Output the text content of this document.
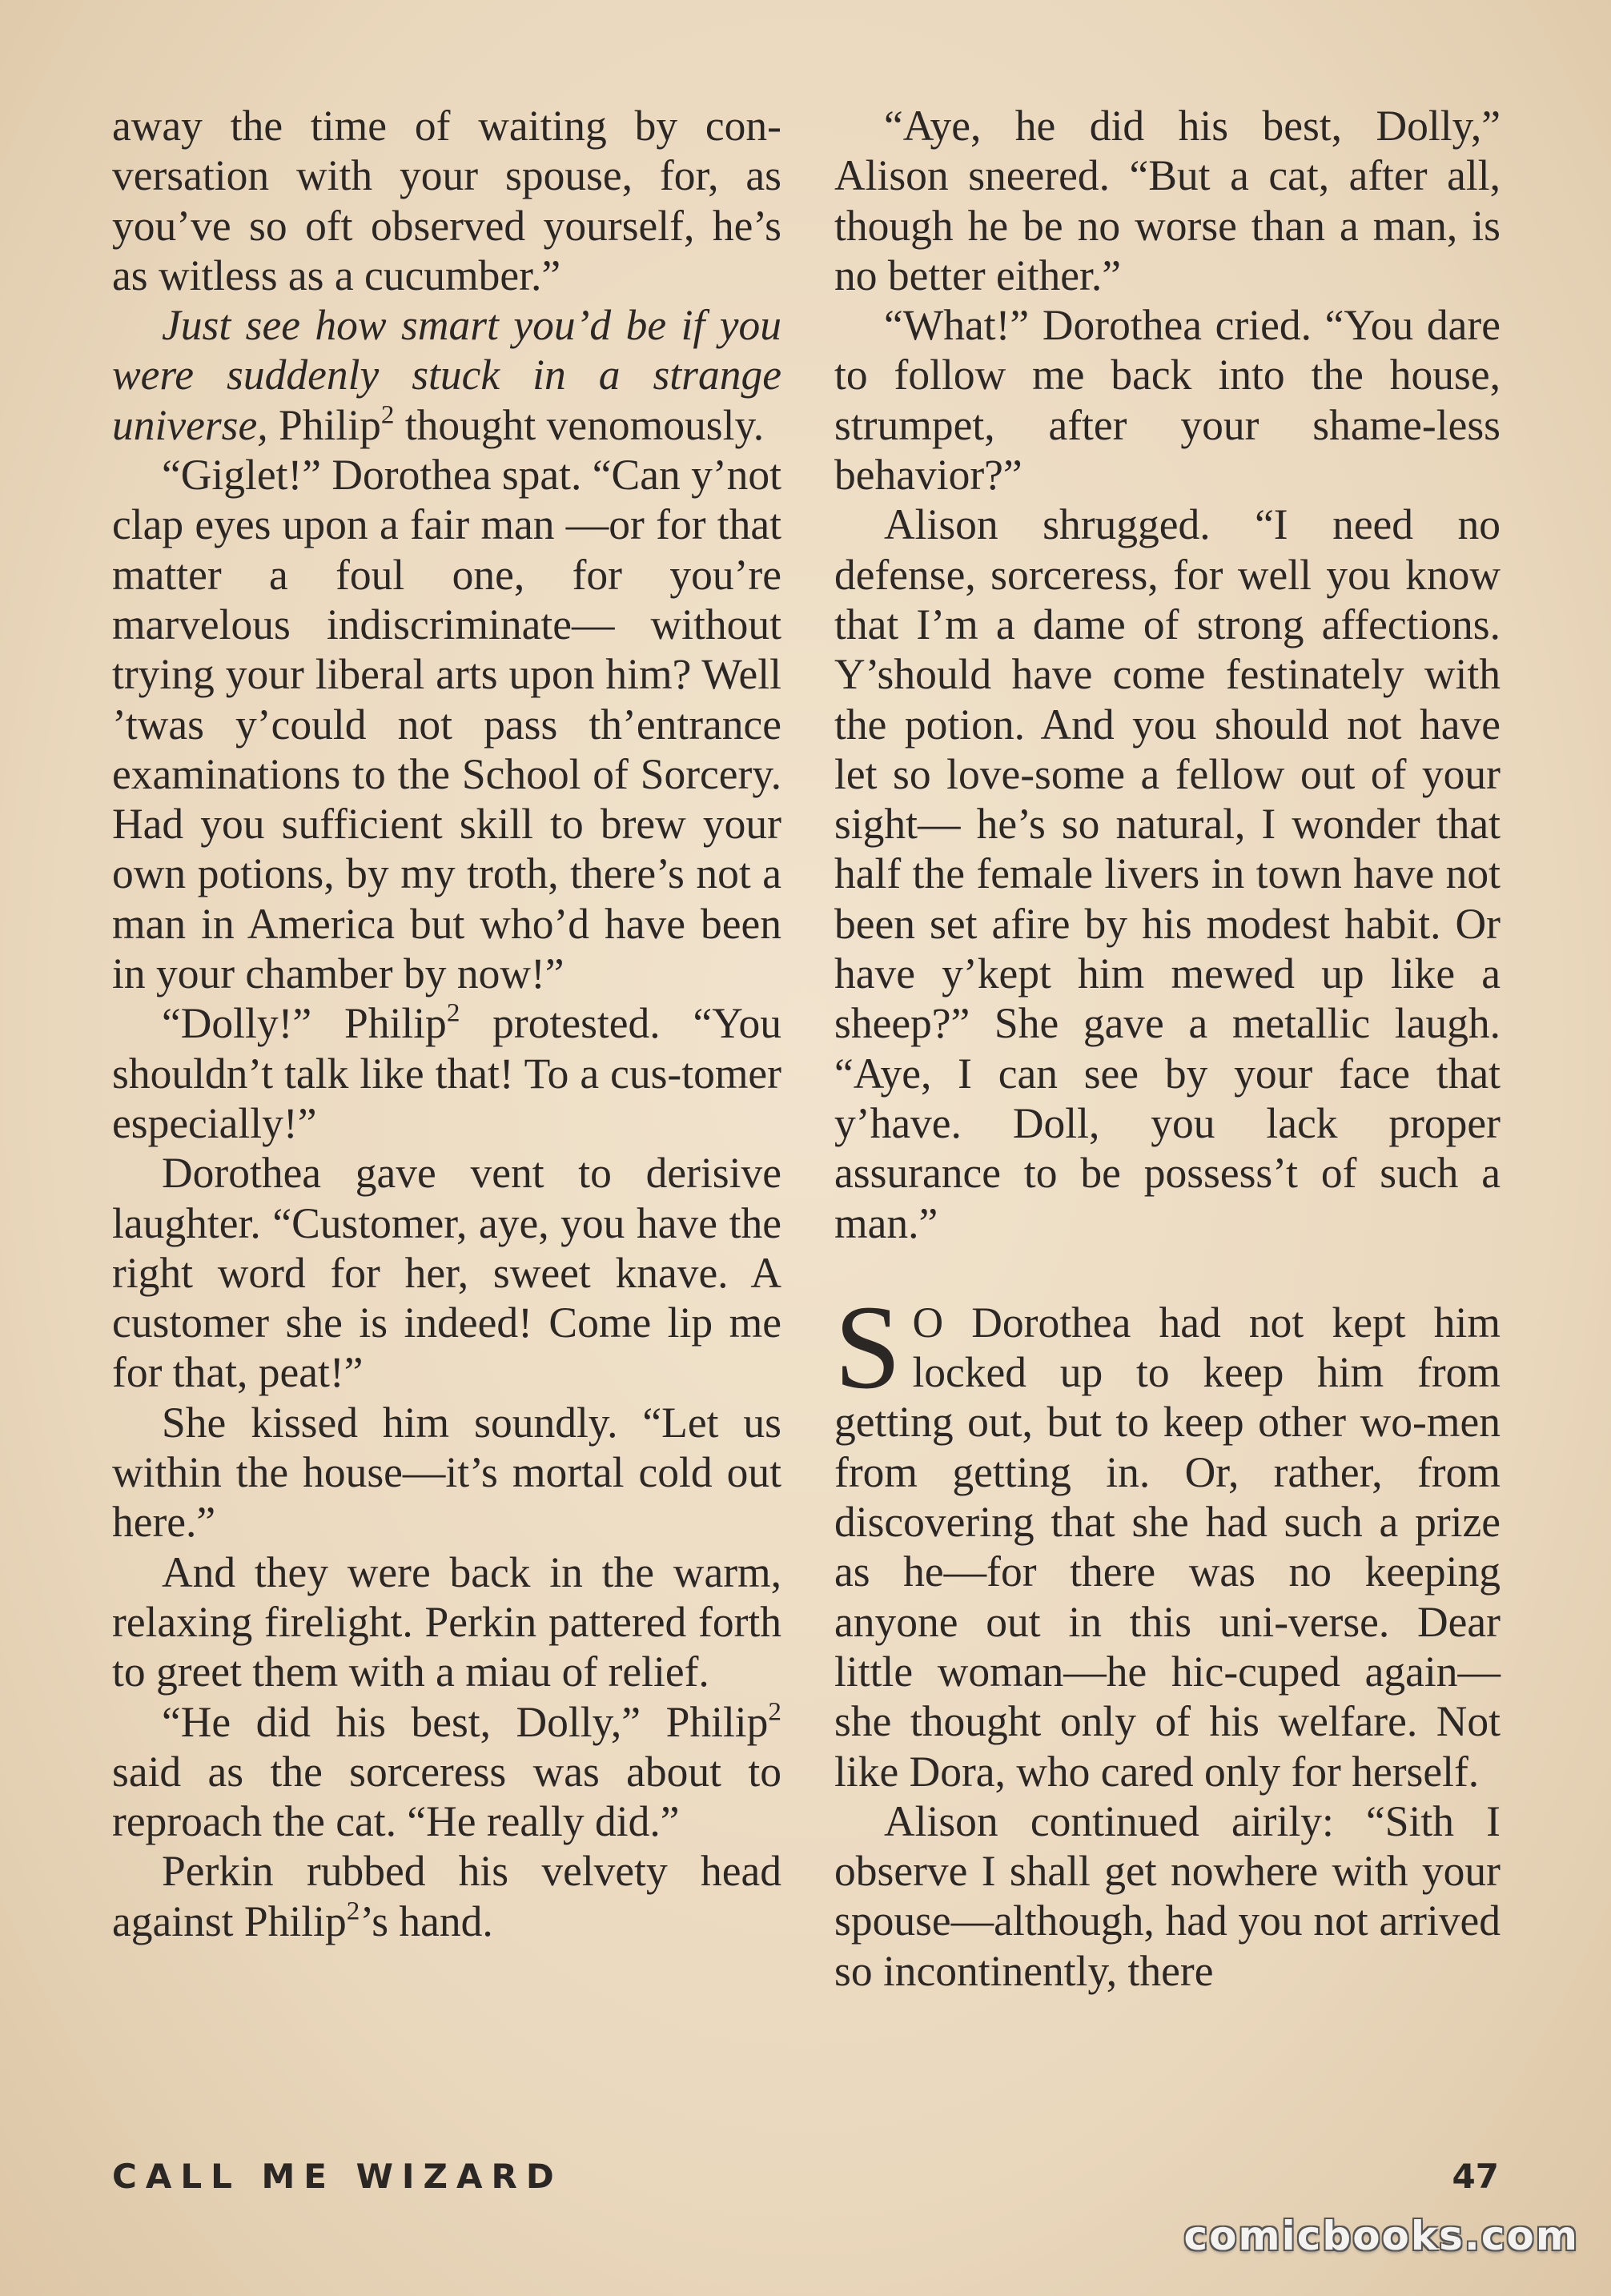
away the time of waiting by con-versation with your spouse, for, as you’ve so oft observed yourself, he’s as witless as a cucumber.”

Just see how smart you’d be if you were suddenly stuck in a strange universe, Philip$^2$ thought venomously.

“Giglet!” Dorothea spat. “Can y’not clap eyes upon a fair man —or for that matter a foul one, for you’re marvelous indiscriminate— without trying your liberal arts upon him? Well ’twas y’could not pass th’entrance examinations to the School of Sorcery. Had you sufficient skill to brew your own potions, by my troth, there’s not a man in America but who’d have been in your chamber by now!”

“Dolly!” Philip$^2$ protested. “You shouldn’t talk like that! To a cus-tomer especially!”

Dorothea gave vent to derisive laughter. “Customer, aye, you have the right word for her, sweet knave. A customer she is indeed! Come lip me for that, peat!”

She kissed him soundly. “Let us within the house—it’s mortal cold out here.”

And they were back in the warm, relaxing firelight. Perkin pattered forth to greet them with a miau of relief.

“He did his best, Dolly,” Philip$^2$ said as the sorceress was about to reproach the cat. “He really did.”

Perkin rubbed his velvety head against Philip$^2$’s hand.

“Aye, he did his best, Dolly,” Alison sneered. “But a cat, after all, though he be no worse than a man, is no better either.”

“What!” Dorothea cried. “You dare to follow me back into the house, strumpet, after your shame-less behavior?”

Alison shrugged. “I need no defense, sorceress, for well you know that I’m a dame of strong affections. Y’should have come festinately with the potion. And you should not have let so love-some a fellow out of your sight— he’s so natural, I wonder that half the female livers in town have not been set afire by his modest habit. Or have y’kept him mewed up like a sheep?” She gave a metallic laugh. “Aye, I can see by your face that y’have. Doll, you lack proper assurance to be possess’t of such a man.”

S O Dorothea had not kept him locked up to keep him from getting out, but to keep other wo-men from getting in. Or, rather, from discovering that she had such a prize as he—for there was no keeping anyone out in this uni-verse. Dear little woman—he hic-cuped again—she thought only of his welfare. Not like Dora, who cared only for herself.

Alison continued airily: “Sith I observe I shall get nowhere with your spouse—although, had you not arrived so incontinently, there

CALL ME WIZARD	47
comicbooks.com
